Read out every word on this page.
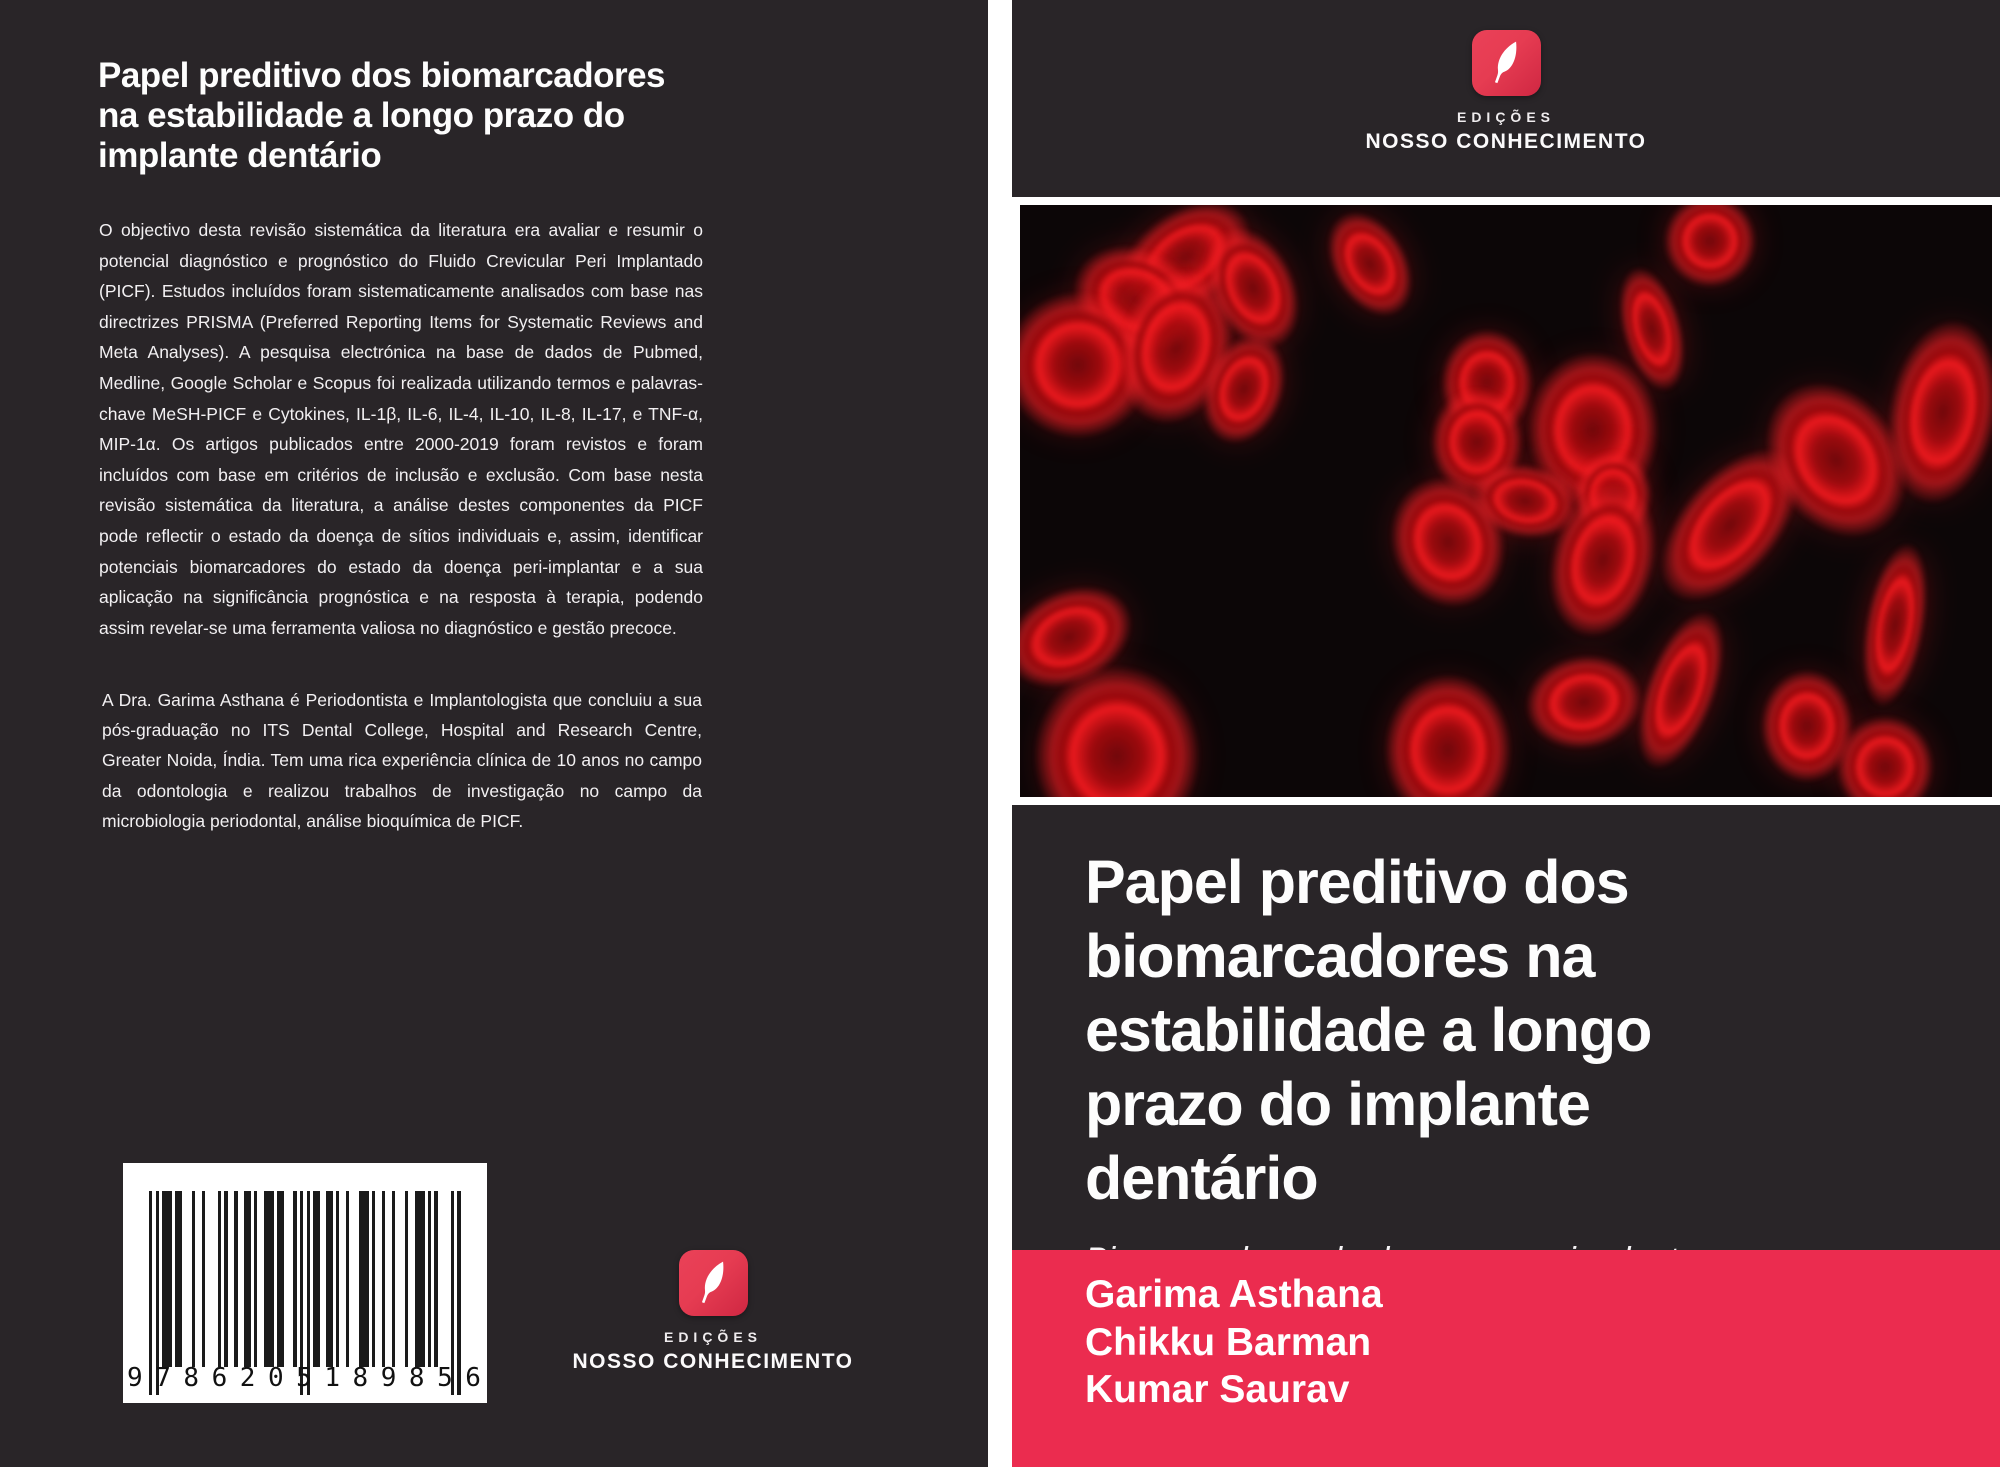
Papel preditivo dos biomarcadores
na estabilidade a longo prazo do
implante dentário
O objectivo desta revisão sistemática da literatura era avaliar e resumir o potencial diagnóstico e prognóstico do Fluido Crevicular Peri Implantado (PICF). Estudos incluídos foram sistematicamente analisados com base nas directrizes PRISMA (Preferred Reporting Items for Systematic Reviews and Meta Analyses). A pesquisa electrónica na base de dados de Pubmed, Medline, Google Scholar e Scopus foi realizada utilizando termos e palavras-chave MeSH-PICF e Cytokines, IL-1β, IL-6, IL-4, IL-10, IL-8, IL-17, e TNF-α, MIP-1α. Os artigos publicados entre 2000-2019 foram revistos e foram incluídos com base em critérios de inclusão e exclusão. Com base nesta revisão sistemática da literatura, a análise destes componentes da PICF pode reflectir o estado da doença de sítios individuais e, assim, identificar potenciais biomarcadores do estado da doença peri-implantar e a sua aplicação na significância prognóstica e na resposta à terapia, podendo assim revelar-se uma ferramenta valiosa no diagnóstico e gestão precoce.
A Dra. Garima Asthana é Periodontista e Implantologista que concluiu a sua pós-graduação no ITS Dental College, Hospital and Research Centre, Greater Noida, Índia. Tem uma rica experiência clínica de 10 anos no campo da odontologia e realizou trabalhos de investigação no campo da microbiologia periodontal, análise bioquímica de PICF.
9 7 8 6 2 0 5 1 8 9 8 5 6
EDIÇÕES
NOSSO CONHECIMENTO
EDIÇÕES
NOSSO CONHECIMENTO
Papel preditivo dos
biomarcadores na
estabilidade a longo
prazo do implante
dentário
Garima Asthana
Chikku Barman
Kumar Saurav
